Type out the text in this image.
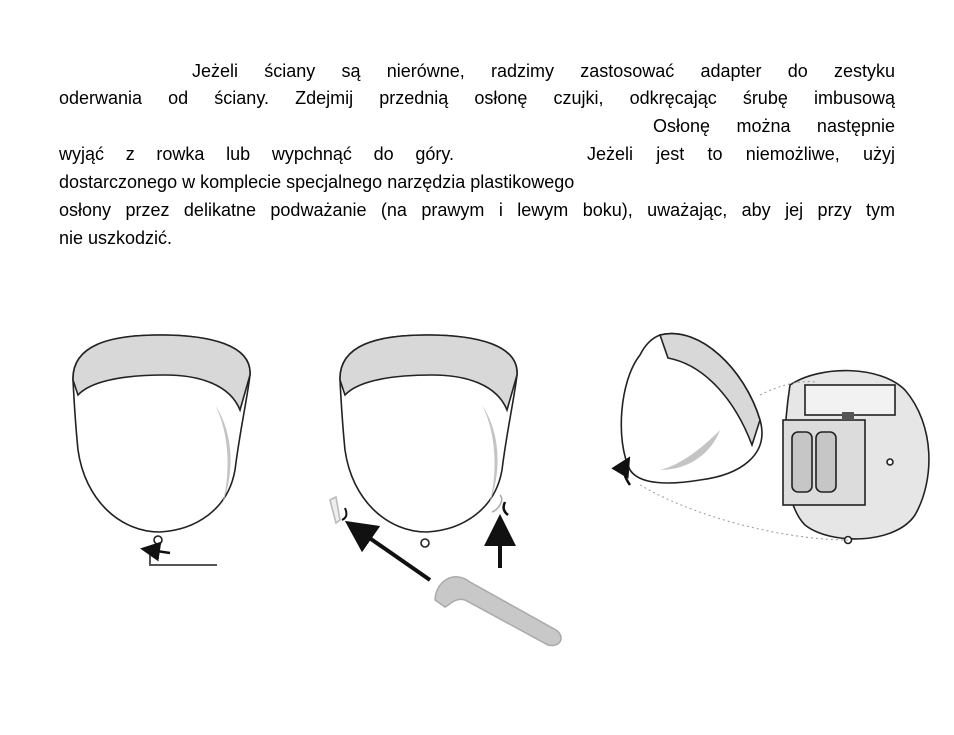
Jeżeli ściany są nierówne, radzimy zastosować adapter do zestyku
oderwania od ściany. Zdejmij przednią osłonę czujki, odkręcając śrubę imbusową
Osłonę można następnie
wyjąć z rowka lub wypchnąć do góry.	Jeżeli jest to niemożliwe, użyj
dostarczonego w komplecie specjalnego narzędzia plastikowego
osłony przez delikatne podważanie (na prawym i lewym boku), uważając, aby jej przy tym
nie uszkodzić.
